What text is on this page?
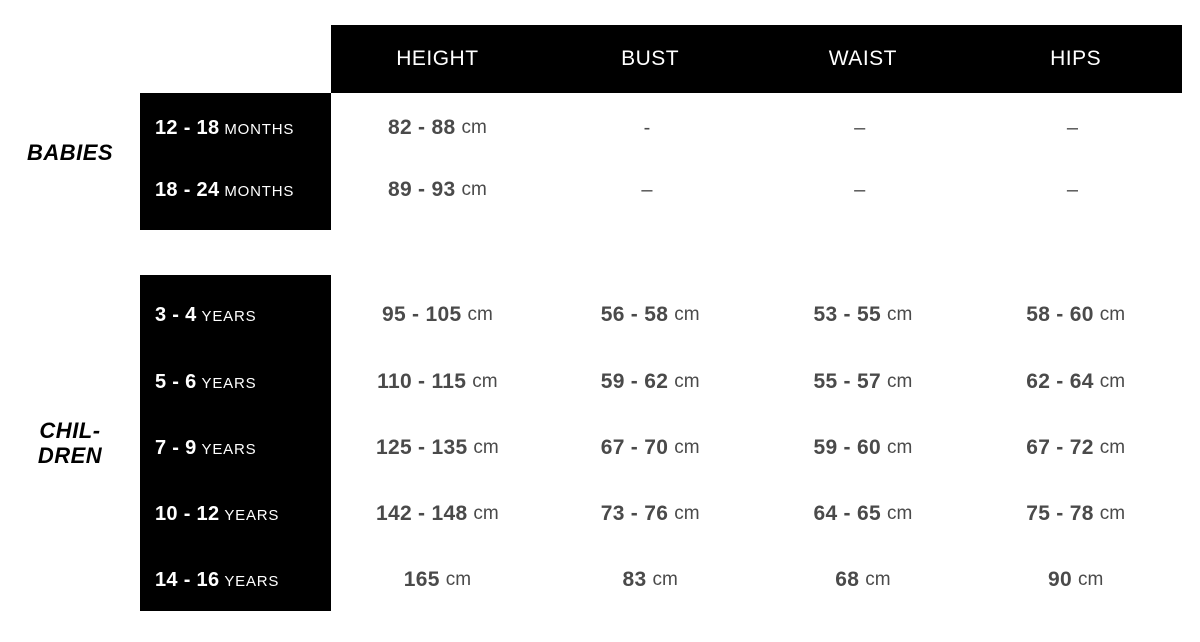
HEIGHT	BUST	WAIST	HIPS
BABIES
12 - 18 MONTHS	82 - 88 cm	-	–	–
18 - 24 MONTHS	89 - 93 cm	–	–	–
CHIL-
DREN
3 - 4 YEARS	95 - 105 cm	56 - 58 cm	53 - 55 cm	58 - 60 cm
5 - 6 YEARS	110 - 115 cm	59 - 62 cm	55 - 57 cm	62 - 64 cm
7 - 9 YEARS	125 - 135 cm	67 - 70 cm	59 - 60 cm	67 - 72 cm
10 - 12 YEARS	142 - 148 cm	73 - 76 cm	64 - 65 cm	75 - 78 cm
14 - 16 YEARS	165 cm	83 cm	68 cm	90 cm
